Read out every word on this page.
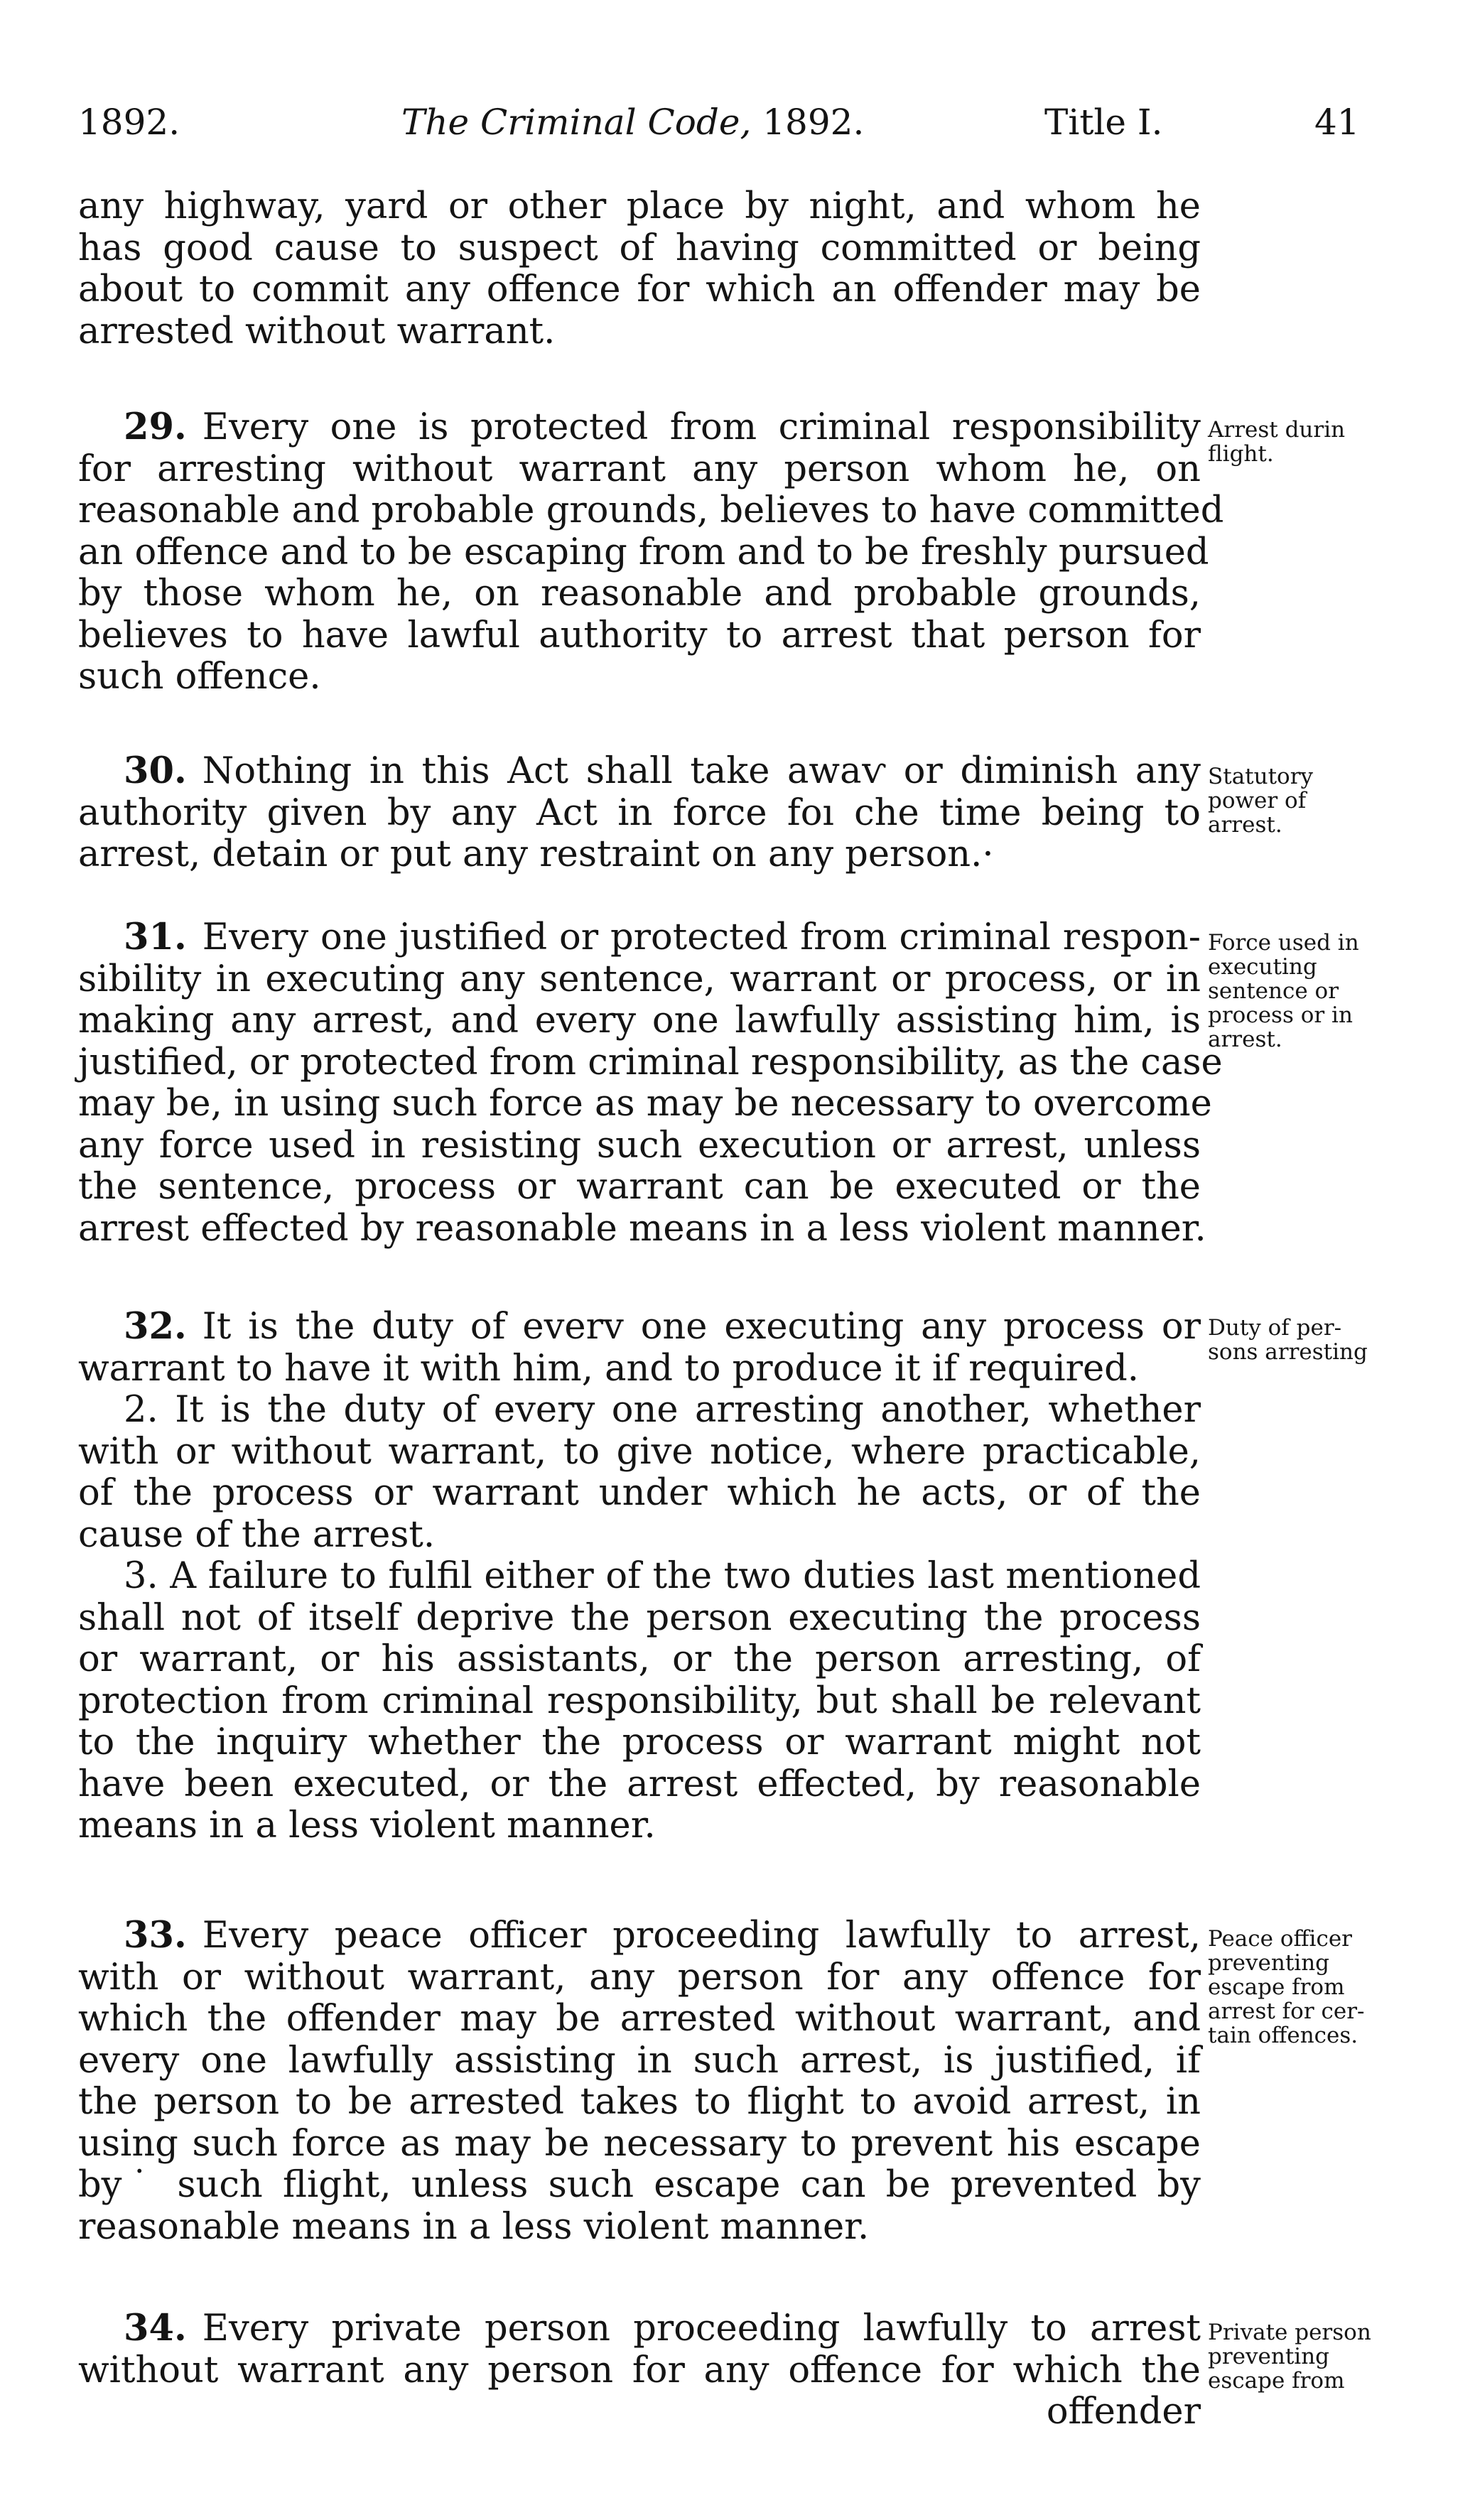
1892.	The Criminal Code, 1892.	Title I.	41
any highway, yard or other place by night, and whom he
has good cause to suspect of having committed or being
about to commit any offence for which an offender may be
arrested without warrant.
29. Every one is protected from criminal responsibility
for arresting without warrant any person whom he, on
reasonable and probable grounds, believes to have committed
an offence and to be escaping from and to be freshly pursued
by those whom he, on reasonable and probable grounds,
believes to have lawful authority to arrest that person for
such offence.
Arrest durin
flight.
30. Nothing in this Act shall take awaѵ or diminish any
authority given by any Act in force foı сhe time being to
arrest, detain or put any restraint on any person.·
Statutory
power of
arrest.
31. Every one justified or protected from criminal respon-
sibility in executing any sentence, warrant or process, or in
making any arrest, and every one lawfully assisting him, is
justified, or protected from criminal responsibility, as the case
may be, in using such force as may be necessary to overcome
any force used in resisting such execution or arrest, unless
the sentence, process or warrant can be exeсuted or the
arrest effected by reasonable means in a less violent manner.
Force used in
executing
sentence or
process or in
arrest.
32. It is the duty of everv one executing any process or
warrant to have it with him, and to produce it if required.
2. It is the duty of every one arresting another, whether
with or without warrant, to give notice, where practicable,
of the process or warrant under which he acts, or of the
cause of the arrest.
3. A failure to fulfil either of the two duties last mentioned
shall not of itself deprive the person executing the process
or warrant, or his assistants, or the person arresting, of
protection from criminal responsibility, but shall be relevant
to the inquiry whether the process or warrant might not
have been executed, or the arrest effected, by reasonable
means in a less violent manner.
Duty of per-
sons arresting
33. Every peace officer proceeding lawfully to arrest,
with or without warrant, any person for any offence for
which the offender may be arrested without warrant, and
every one lawfully assisting in such arrest, is justified, if
the person to be arrested takes to flight to avoid arrest, in
using such force as may be necessary to prevent his escape
by˙ such flight, unless such escape can be prevented by
reasonable means in a less violent manner.
Peace officer
preventing
escape from
arrest for cer-
tain offences.
34. Every private person proceeding lawfully to arrest
without warrant any person for any offence for which the
offender
Private person
preventing
escape from
